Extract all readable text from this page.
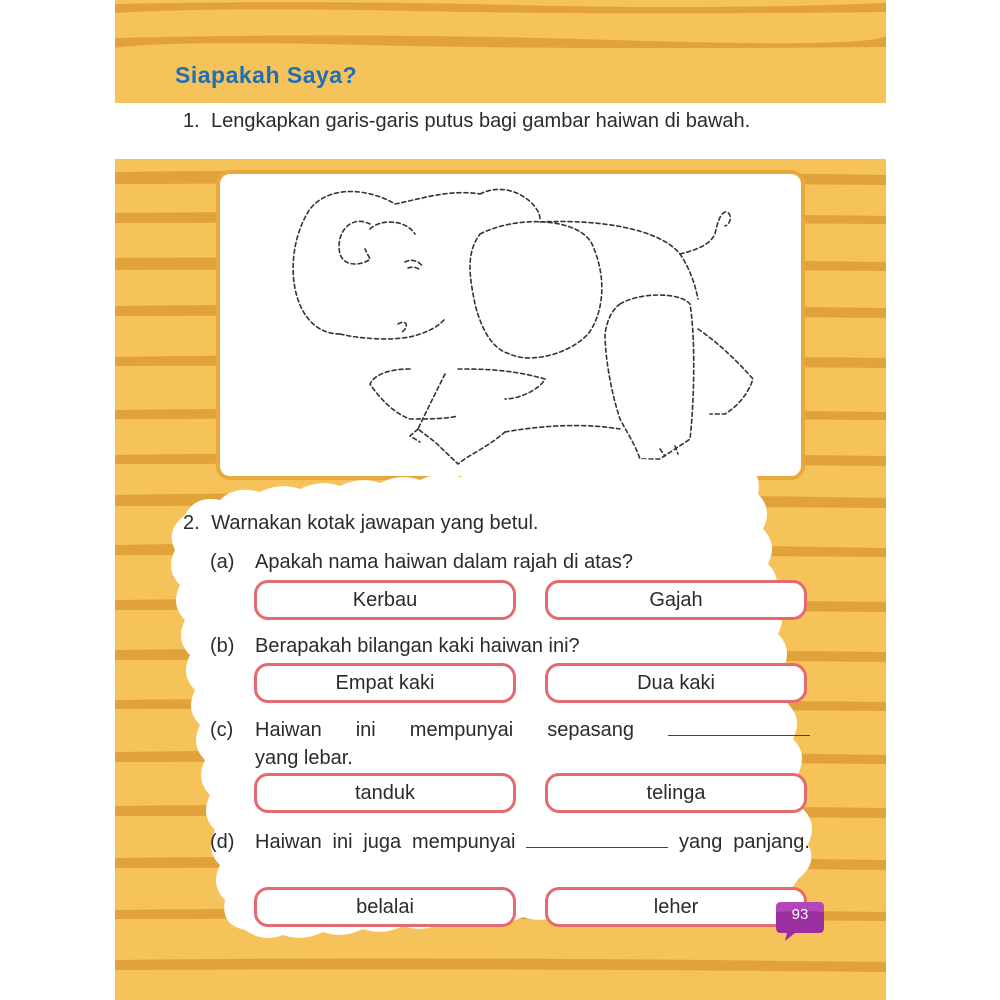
Siapakah Saya?
1. Lengkapkan garis-garis putus bagi gambar haiwan di bawah.
2. Warnakan kotak jawapan yang betul.
(a) Apakah nama haiwan dalam rajah di atas?
Kerbau	Gajah
(b) Berapakah bilangan kaki haiwan ini?
Empat kaki	Dua kaki
(c) Haiwan ini mempunyai sepasang
yang lebar.
tanduk	telinga
(d) Haiwan ini juga mempunyai	yang panjang.
belalai	leher	93
